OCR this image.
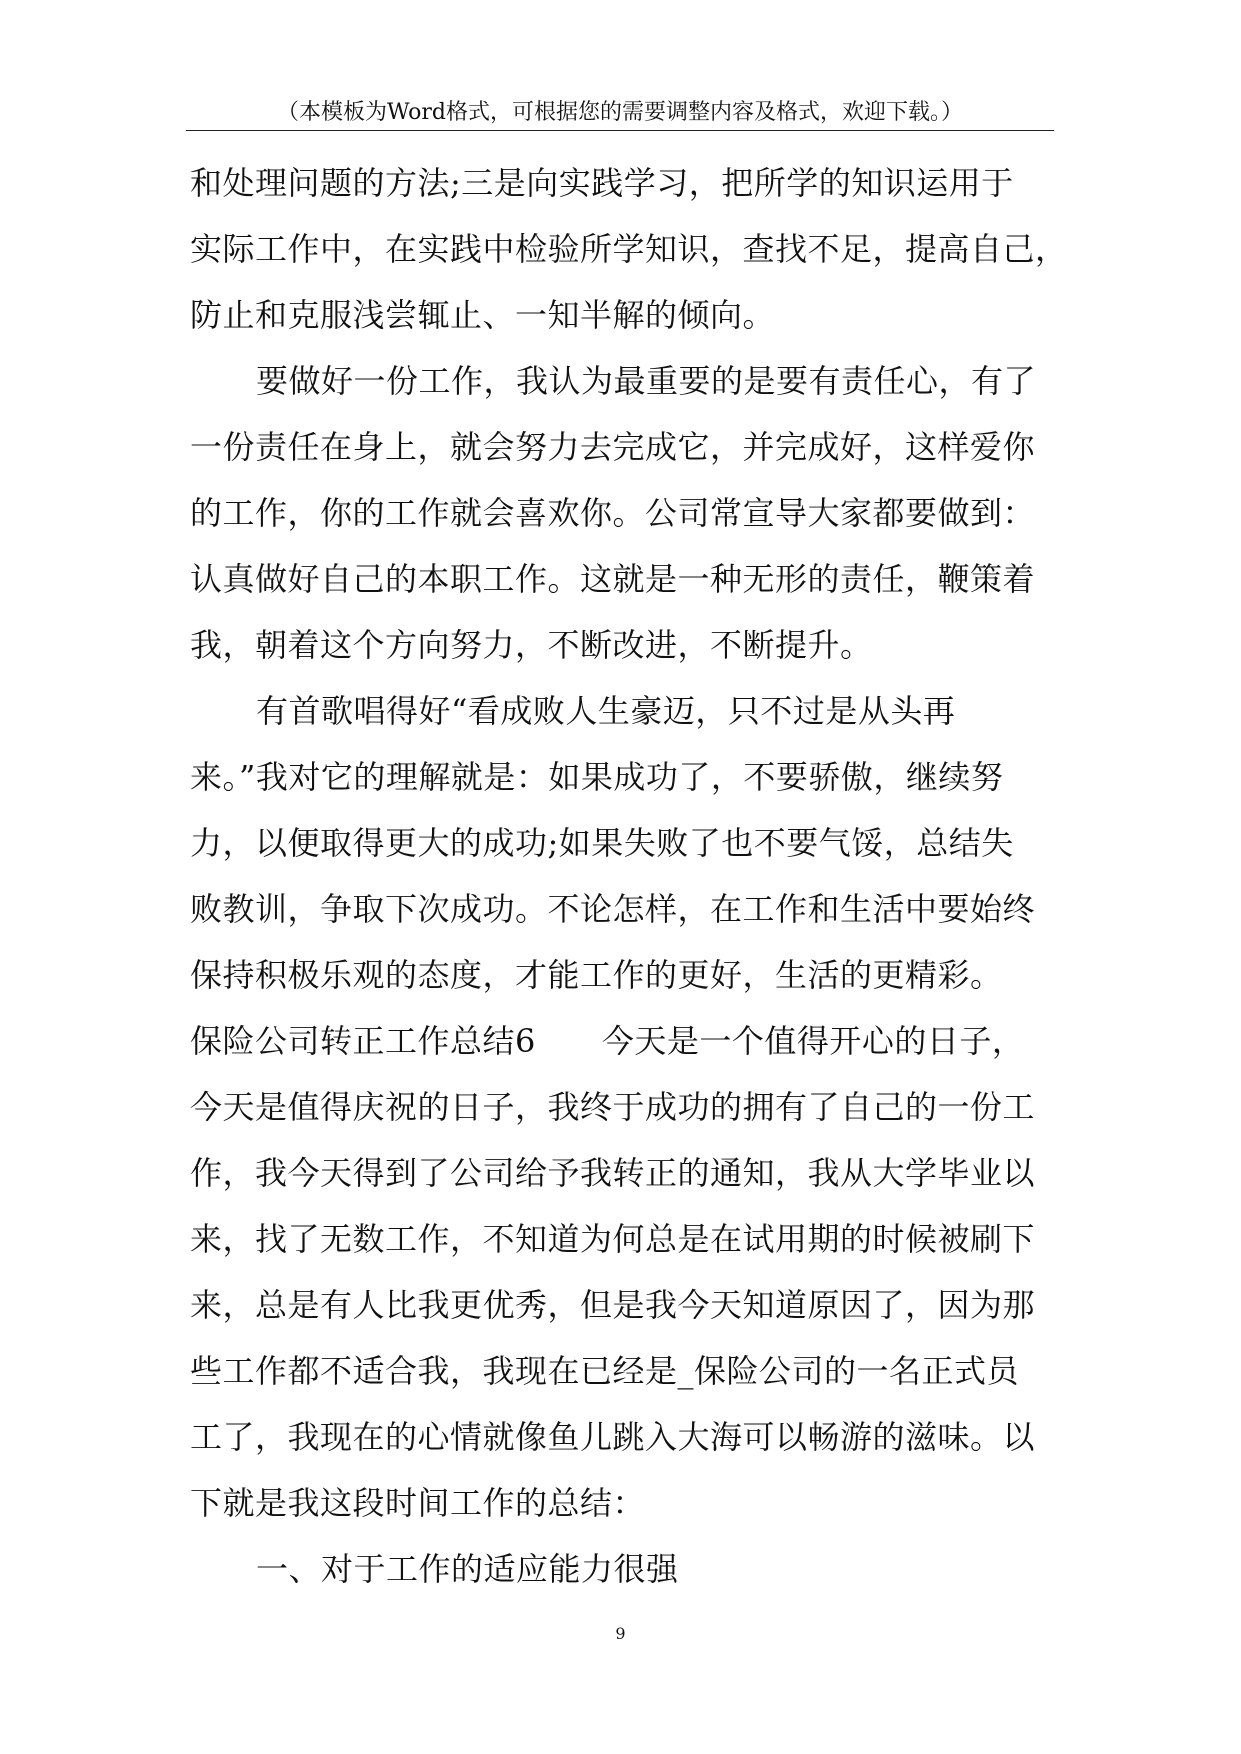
（本模板为Word格式，可根据您的需要调整内容及格式，欢迎下载。）
和处理问题的方法;三是向实践学习，把所学的知识运用于
实际工作中，在实践中检验所学知识，查找不足，提高自己，
防止和克服浅尝辄止、一知半解的倾向。
要做好一份工作，我认为最重要的是要有责任心，有了
一份责任在身上，就会努力去完成它，并完成好，这样爱你
的工作，你的工作就会喜欢你。公司常宣导大家都要做到：
认真做好自己的本职工作。这就是一种无形的责任，鞭策着
我，朝着这个方向努力，不断改进，不断提升。
有首歌唱得好“看成败人生豪迈，只不过是从头再
来。”我对它的理解就是：如果成功了，不要骄傲，继续努
力，以便取得更大的成功;如果失败了也不要气馁，总结失
败教训，争取下次成功。不论怎样，在工作和生活中要始终
保持积极乐观的态度，才能工作的更好，生活的更精彩。
保险公司转正工作总结6 今天是一个值得开心的日子，
今天是值得庆祝的日子，我终于成功的拥有了自己的一份工
作，我今天得到了公司给予我转正的通知，我从大学毕业以
来，找了无数工作，不知道为何总是在试用期的时候被刷下
来，总是有人比我更优秀，但是我今天知道原因了，因为那
些工作都不适合我，我现在已经是_保险公司的一名正式员
工了，我现在的心情就像鱼儿跳入大海可以畅游的滋味。以
下就是我这段时间工作的总结：
一、对于工作的适应能力很强
9
